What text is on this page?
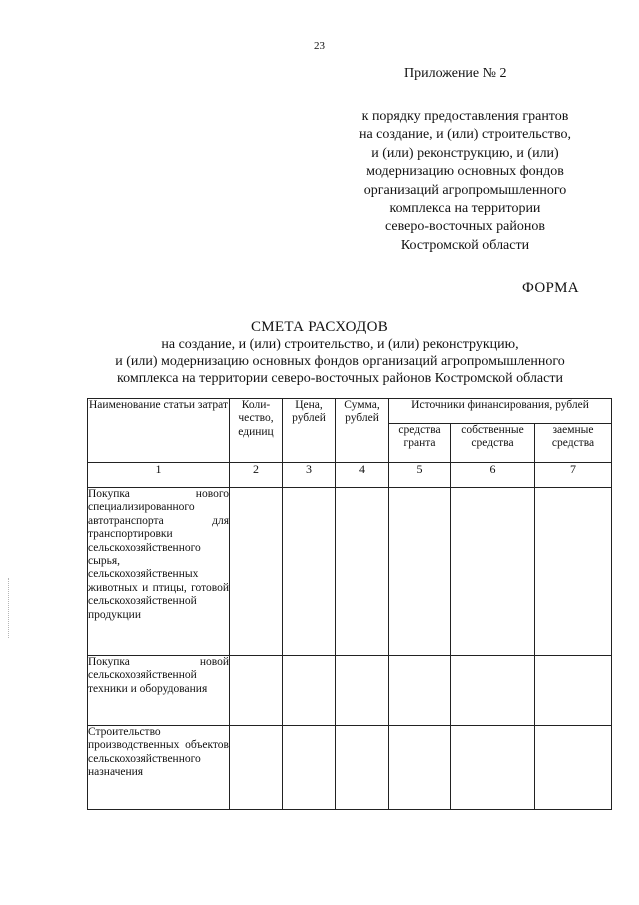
23
Приложение № 2
к порядку предоставления грантов
на создание, и (или) строительство,
и (или) реконструкцию, и (или)
модернизацию основных фондов
организаций агропромышленного
комплекса на территории
северо-восточных районов
Костромской области
ФОРМА
СМЕТА РАСХОДОВ
на создание, и (или) строительство, и (или) реконструкцию,
и (или) модернизацию основных фондов организаций агропромышленного
комплекса на территории северо-восточных районов Костромской области
Наименование статьи затрат	Коли-чество, единиц	Цена, рублей	Сумма, рублей	Источники финансирования, рублей		
				средства гранта	собственные средства	заемные средства
1	2	3	4	5	6	7
Покупка нового специализированного автотранспорта для транспортировки сельскохозяйственного сырья, сельскохозяйственных животных и птицы, готовой сельскохозяйственной продукции						
Покупка новой сельскохозяйственной техники и оборудования						
Строительство производственных объектов сельскохозяйственного назначения						
